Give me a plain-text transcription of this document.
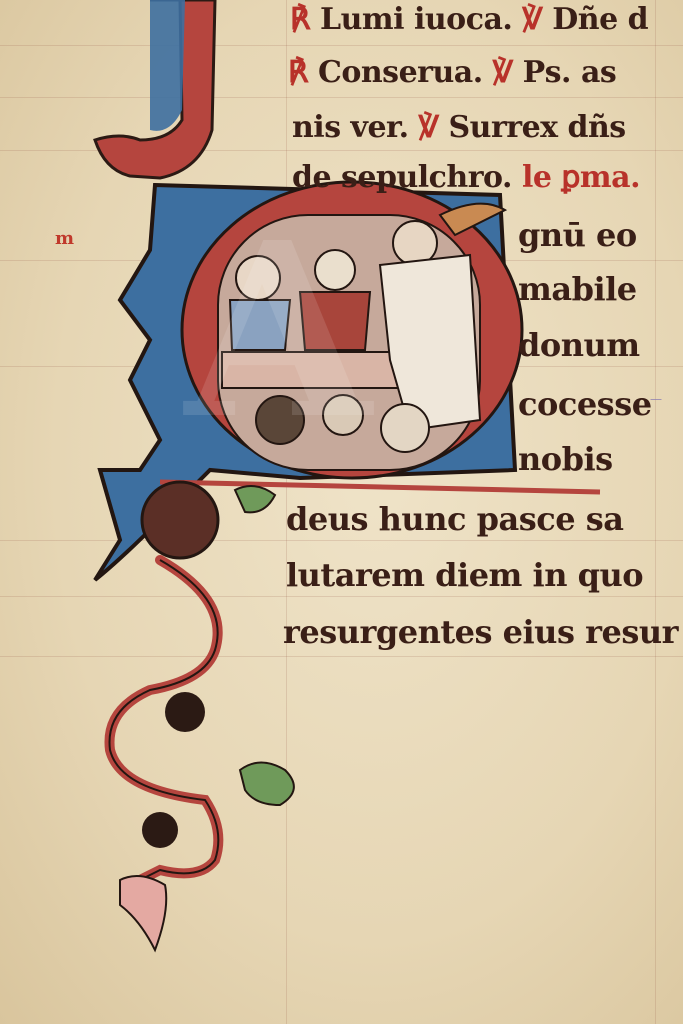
℟ Lumi iuoca. ℣ Dñe d
℟ Conserua. ℣ Ps. as
nis ver. ℣ Surrex dñs
de sepulchro. le ꝑma.
A	gnū eo
mabile
donum
cocesse
nobis
deus hunc pasce sa
lutarem diem in quo
resurgentes eius resur
m
—
